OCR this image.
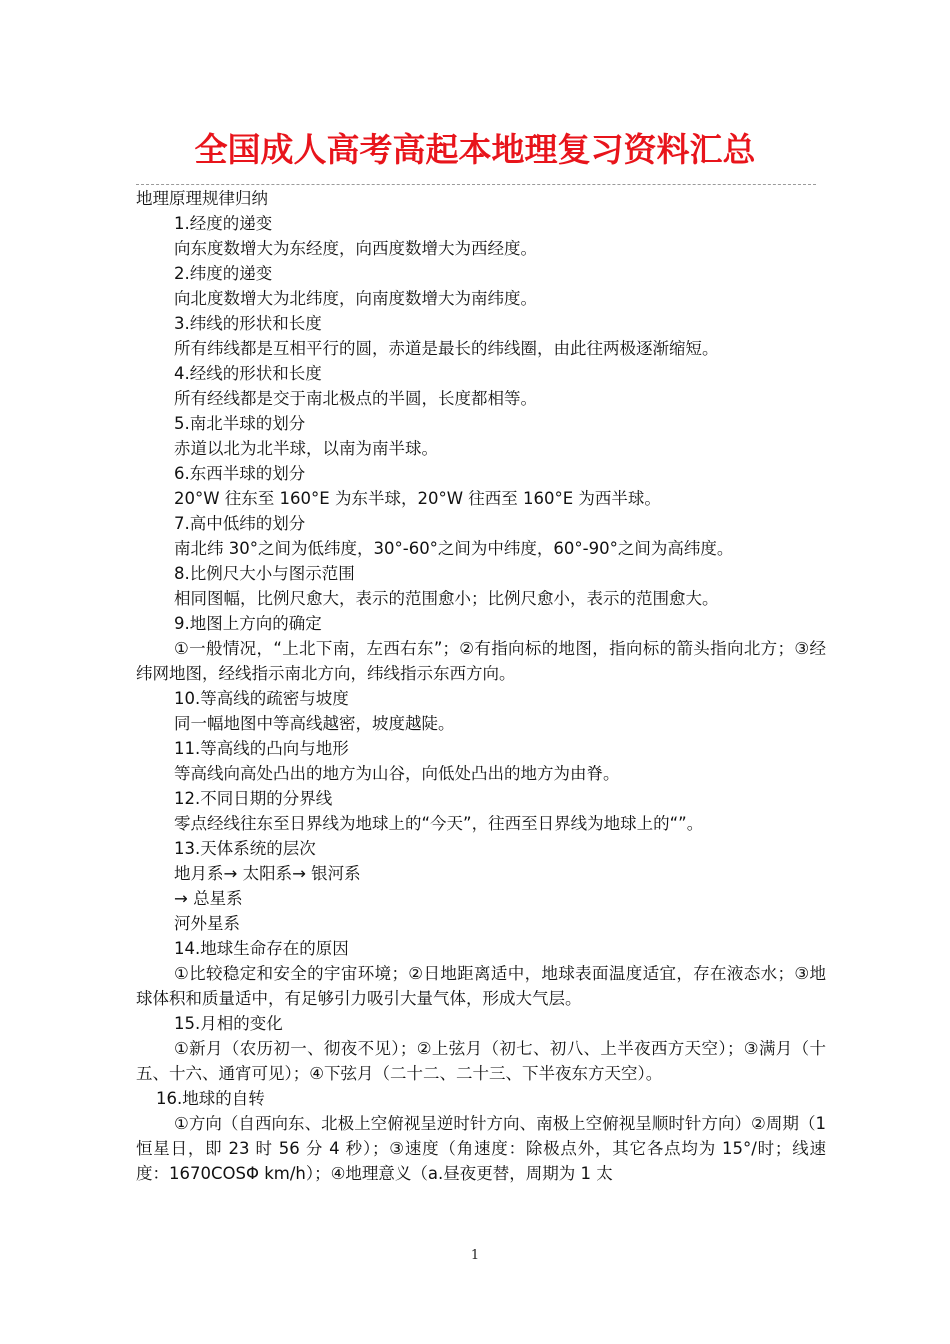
全国成人高考高起本地理复习资料汇总

地理原理规律归纳

1.经度的递变

向东度数增大为东经度，向西度数增大为西经度。

2.纬度的递变

向北度数增大为北纬度，向南度数增大为南纬度。

3.纬线的形状和长度

所有纬线都是互相平行的圆，赤道是最长的纬线圈，由此往两极逐渐缩短。

4.经线的形状和长度

所有经线都是交于南北极点的半圆，长度都相等。

5.南北半球的划分

赤道以北为北半球，以南为南半球。

6.东西半球的划分

20°W 往东至 160°E 为东半球，20°W 往西至 160°E 为西半球。

7.高中低纬的划分

南北纬 30°之间为低纬度，30°-60°之间为中纬度，60°-90°之间为高纬度。

8.比例尺大小与图示范围

相同图幅，比例尺愈大，表示的范围愈小；比例尺愈小，表示的范围愈大。

9.地图上方向的确定

①一般情况，“上北下南，左西右东”；②有指向标的地图，指向标的箭头指向北方；③经纬网地图，经线指示南北方向，纬线指示东西方向。

10.等高线的疏密与坡度

同一幅地图中等高线越密，坡度越陡。

11.等高线的凸向与地形

等高线向高处凸出的地方为山谷，向低处凸出的地方为由脊。

12.不同日期的分界线

零点经线往东至日界线为地球上的“今天”，往西至日界线为地球上的“”。

13.天体系统的层次

地月系→ 太阳系→ 银河系

→ 总星系

河外星系

14.地球生命存在的原因

①比较稳定和安全的宇宙环境；②日地距离适中，地球表面温度适宜，存在液态水；③地球体积和质量适中，有足够引力吸引大量气体，形成大气层。

15.月相的变化

①新月（农历初一、彻夜不见）；②上弦月（初七、初八、上半夜西方天空）；③满月（十五、十六、通宵可见）；④下弦月（二十二、二十三、下半夜东方天空）。

16.地球的自转

①方向（自西向东、北极上空俯视呈逆时针方向、南极上空俯视呈顺时针方向）②周期（1 恒星日，即 23 时 56 分 4 秒）；③速度（角速度：除极点外，其它各点均为 15°/时；线速度：1670COSΦ km/h）；④地理意义（a.昼夜更替，周期为 1 太

1
